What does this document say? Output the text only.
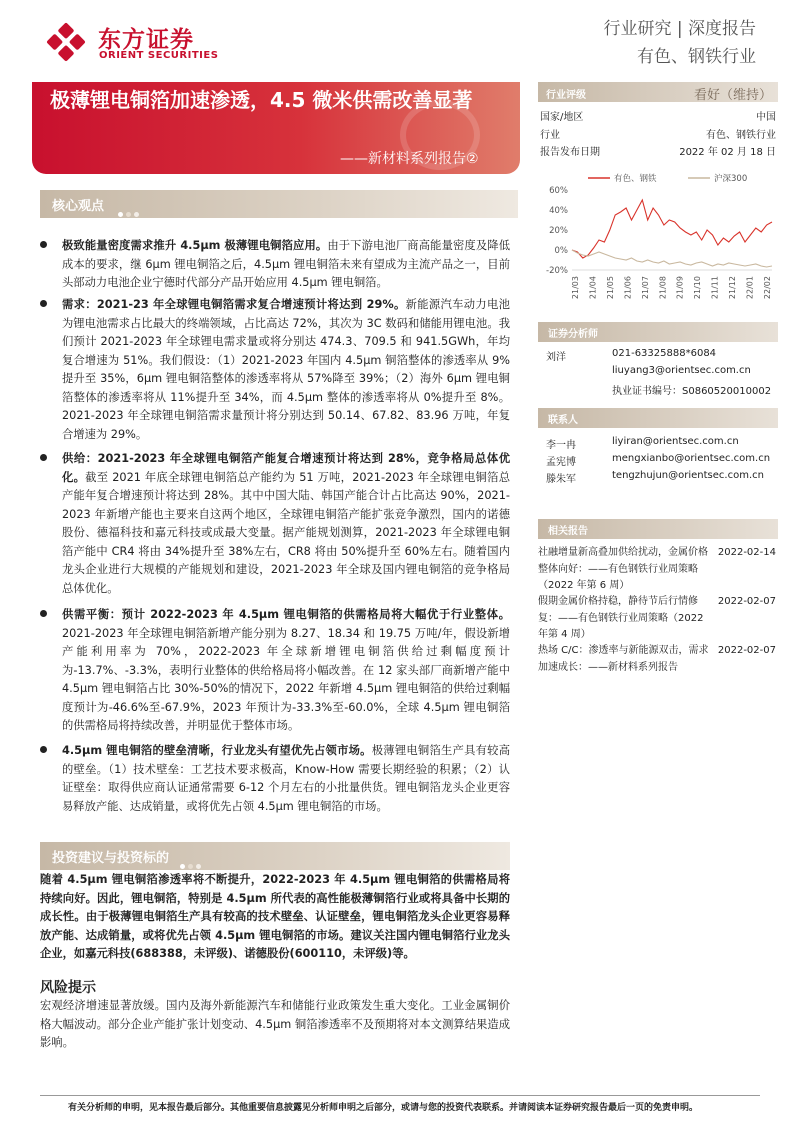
东方证券
ORIENT SECURITIES
行业研究 | 深度报告
有色、钢铁行业
极薄锂电铜箔加速渗透，4.5 微米供需改善显著
——新材料系列报告②
核心观点

极致能量密度需求推升 4.5μm 极薄锂电铜箔应用。由于下游电池厂商高能量密度及降低成本的要求，继 6μm 锂电铜箔之后，4.5μm 锂电铜箔未来有望成为主流产品之一，目前头部动力电池企业宁德时代部分产品开始应用 4.5μm 锂电铜箔。

需求：2021-23 年全球锂电铜箔需求复合增速预计将达到 29%。新能源汽车动力电池为锂电池需求占比最大的终端领域，占比高达 72%，其次为 3C 数码和储能用锂电池。我们预计 2021-2023 年全球锂电需求量或将分别达 474.3、709.5 和 941.5GWh，年均复合增速为 51%。我们假设：（1）2021-2023 年国内 4.5μm 铜箔整体的渗透率从 9%提升至 35%，6μm 锂电铜箔整体的渗透率将从 57%降至 39%；（2）海外 6μm 锂电铜箔整体的渗透率将从 11%提升至 34%，而 4.5μm 整体的渗透率将从 0%提升至 8%。2021-2023 年全球锂电铜箔需求量预计将分别达到 50.14、67.82、83.96 万吨，年复合增速为 29%。

供给：2021-2023 年全球锂电铜箔产能复合增速预计将达到 28%，竞争格局总体优化。截至 2021 年底全球锂电铜箔总产能约为 51 万吨，2021-2023 年全球锂电铜箔总产能年复合增速预计将达到 28%。其中中国大陆、韩国产能合计占比高达 90%，2021-2023 年新增产能也主要来自这两个地区，全球锂电铜箔产能扩张竞争激烈，国内的诺德股份、德福科技和嘉元科技或成最大变量。据产能规划测算，2021-2023 年全球锂电铜箔产能中 CR4 将由 34%提升至 38%左右，CR8 将由 50%提升至 60%左右。随着国内龙头企业进行大规模的产能规划和建设，2021-2023 年全球及国内锂电铜箔的竞争格局总体优化。

供需平衡：预计 2022-2023 年 4.5μm 锂电铜箔的供需格局将大幅优于行业整体。2021-2023 年全球锂电铜箔新增产能分别为 8.27、18.34 和 19.75 万吨/年，假设新增产能利用率为 70%，2022-2023 年全球新增锂电铜箔供给过剩幅度预计为-13.7%、-3.3%，表明行业整体的供给格局将小幅改善。在 12 家头部厂商新增产能中 4.5μm 锂电铜箔占比 30%-50%的情况下，2022 年新增 4.5μm 锂电铜箔的供给过剩幅度预计为-46.6%至-67.9%，2023 年预计为-33.3%至-60.0%，全球 4.5μm 锂电铜箔的供需格局将持续改善，并明显优于整体市场。

4.5μm 锂电铜箔的壁垒清晰，行业龙头有望优先占领市场。极薄锂电铜箔生产具有较高的壁垒。（1）技术壁垒：工艺技术要求极高，Know-How 需要长期经验的积累；（2）认证壁垒：取得供应商认证通常需要 6-12 个月左右的小批量供货。锂电铜箔龙头企业更容易释放产能、达成销量，或将优先占领 4.5μm 锂电铜箔的市场。

投资建议与投资标的
随着 4.5μm 锂电铜箔渗透率将不断提升，2022-2023 年 4.5μm 锂电铜箔的供需格局将持续向好。因此，锂电铜箔，特别是 4.5μm 所代表的高性能极薄铜箔行业或将具备中长期的成长性。由于极薄锂电铜箔生产具有较高的技术壁垒、认证壁垒，锂电铜箔龙头企业更容易释放产能、达成销量，或将优先占领 4.5μm 锂电铜箔的市场。建议关注国内锂电铜箔行业龙头企业，如嘉元科技(688388，未评级)、诺德股份(600110，未评级)等。
风险提示
宏观经济增速显著放缓。国内及海外新能源汽车和储能行业政策发生重大变化。工业金属铜价格大幅波动。部分企业产能扩张计划变动、4.5μm 铜箔渗透率不及预期将对本文测算结果造成影响。
行业评级	看好（维持）
国家/地区	中国
行业	有色、钢铁行业
报告发布日期	2022 年 02 月 18 日
有色、钢铁	沪深300
60%
40%
20%
0%
-20%
21/03 21/04 21/05 21/06 21/07 21/08 21/09 21/10 21/11 21/12 22/01 22/02
证券分析师
刘洋	021-63325888*6084
liuyang3@orientsec.com.cn
执业证书编号：S0860520010002
联系人
李一冉	liyiran@orientsec.com.cn
孟宪博	mengxianbo@orientsec.com.cn
滕朱军	tengzhujun@orientsec.com.cn
相关报告
社融增量新高叠加供给扰动，金属价格整体向好：——有色钢铁行业周策略（2022 年第 6 周）
2022-02-14
假期金属价格持稳，静待节后行情修复：——有色钢铁行业周策略（2022 年第 4 周）
2022-02-07
热场 C/C：渗透率与新能源双击，需求加速成长：——新材料系列报告
2022-02-07
有关分析师的申明，见本报告最后部分。其他重要信息披露见分析师申明之后部分，或请与您的投资代表联系。并请阅读本证券研究报告最后一页的免责申明。
